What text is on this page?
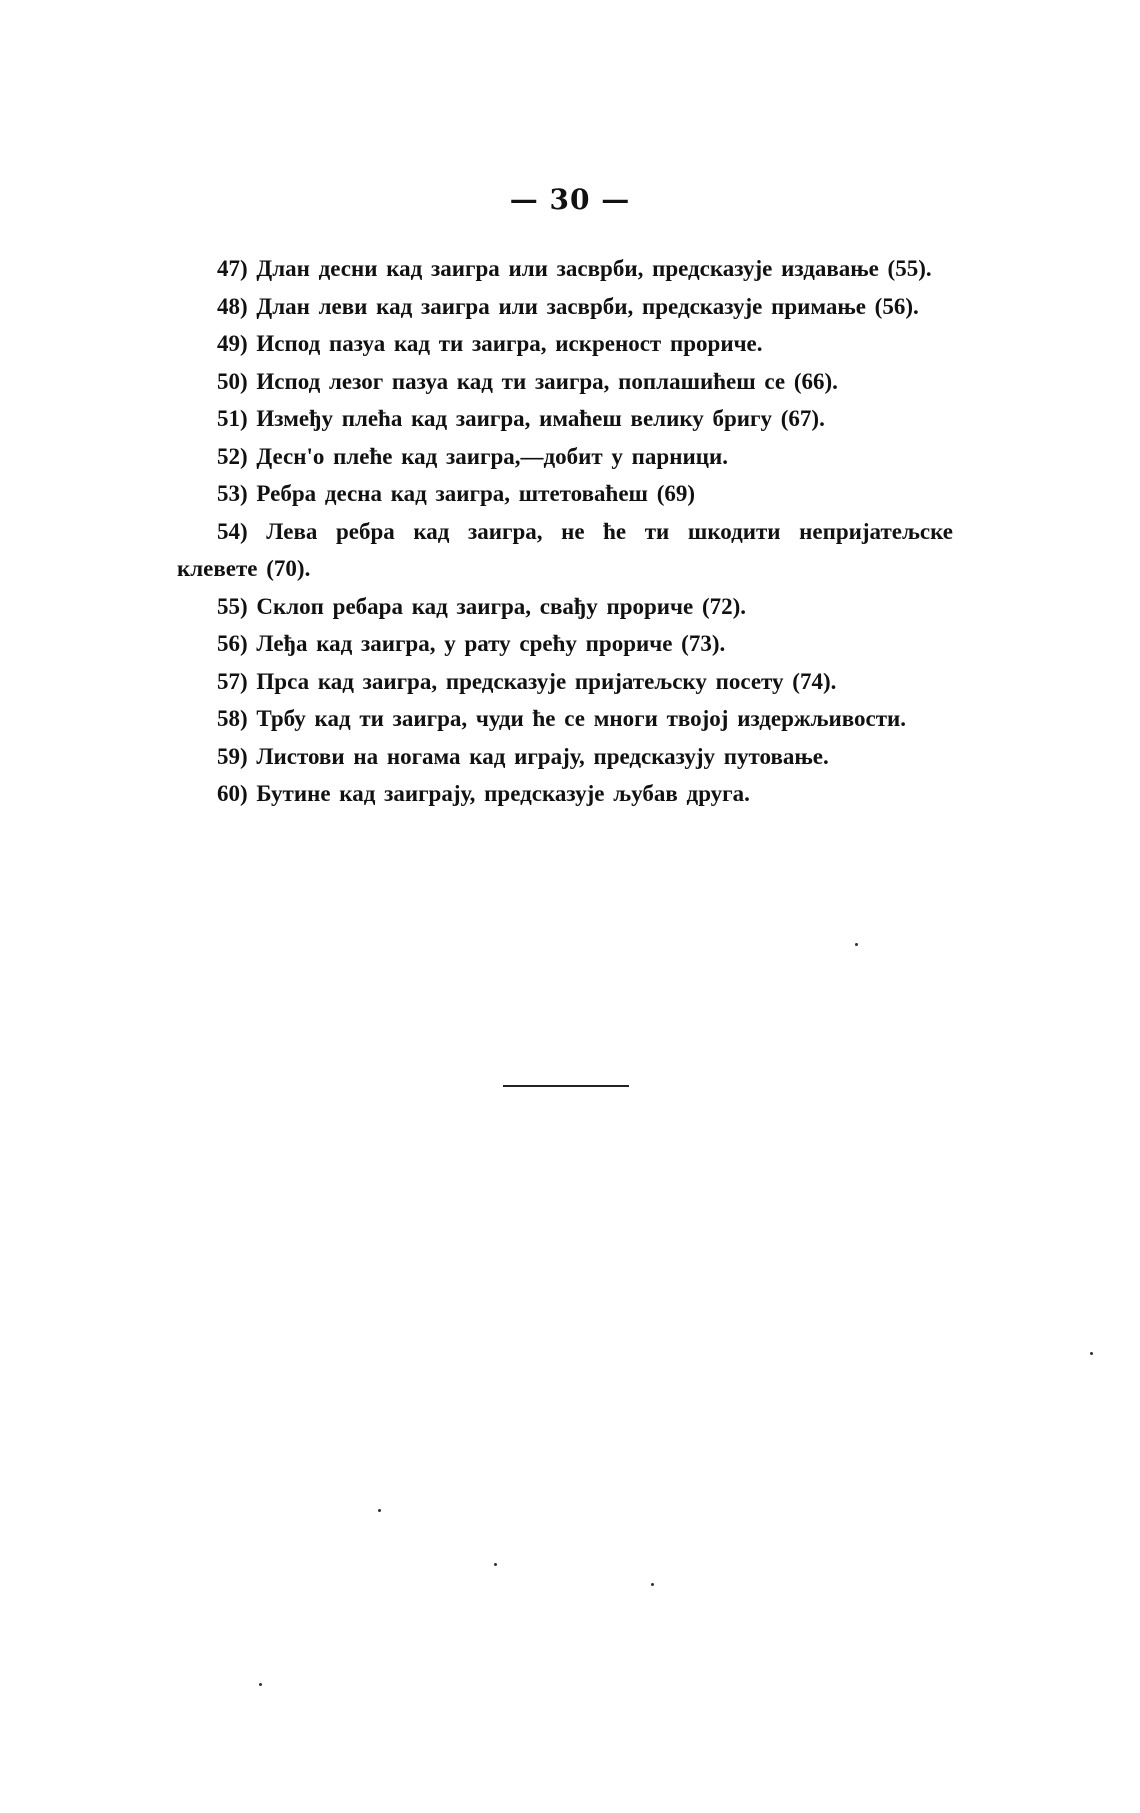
— 30 —

47) Длан десни кад заигра или засврби, предсказује издавање (55).

48) Длан леви кад заигра или засврби, предсказује примање (56).

49) Испод пазуа кад ти заигра, искреност прориче.

50) Испод лезог пазуа кад ти заигра, поплашићеш се (66).

51) Између плећа кад заигра, имаћеш велику бригу (67).

52) Десн'о плеће кад заигра,—добит у парници.

53) Ребра десна кад заигра, штетоваћеш (69)

54) Лева ребра кад заигра, не ће ти шкодити непријатељске клевете (70).

55) Склоп ребара кад заигра, свађу прориче (72).

56) Леђа кад заигра, у рату срећу прориче (73).

57) Прса кад заигра, предсказује пријатељску посету (74).

58) Трбу кад ти заигра, чуди ће се многи твојој издержљивости.

59) Листови на ногама кад играју, предсказују путовање.

60) Бутине кад заиграју, предсказује љубав друга.
